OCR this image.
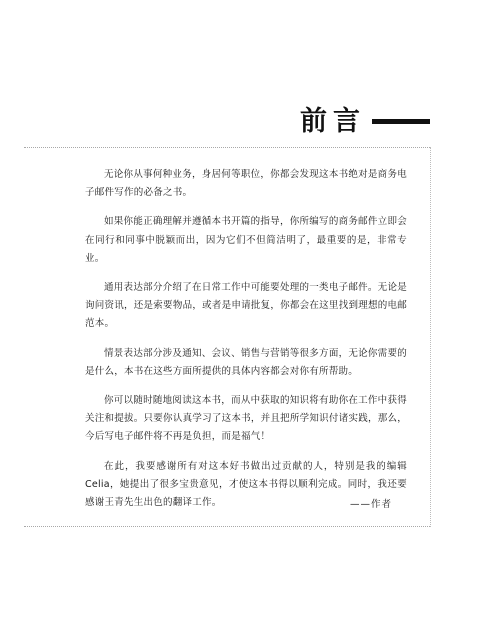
前言

无论你从事何种业务，身居何等职位，你都会发现这本书绝对是商务电子邮件写作的必备之书。

如果你能正确理解并遵循本书开篇的指导，你所编写的商务邮件立即会在同行和同事中脱颖而出，因为它们不但简洁明了，最重要的是，非常专业。

通用表达部分介绍了在日常工作中可能要处理的一类电子邮件。无论是询问资讯，还是索要物品，或者是申请批复，你都会在这里找到理想的电邮范本。

情景表达部分涉及通知、会议、销售与营销等很多方面，无论你需要的是什么，本书在这些方面所提供的具体内容都会对你有所帮助。

你可以随时随地阅读这本书，而从中获取的知识将有助你在工作中获得关注和提拔。只要你认真学习了这本书，并且把所学知识付诸实践，那么，今后写电子邮件将不再是负担，而是福气！

在此，我要感谢所有对这本好书做出过贡献的人，特别是我的编辑Celia，她提出了很多宝贵意见，才使这本书得以顺利完成。同时，我还要感谢王青先生出色的翻译工作。	——作者
